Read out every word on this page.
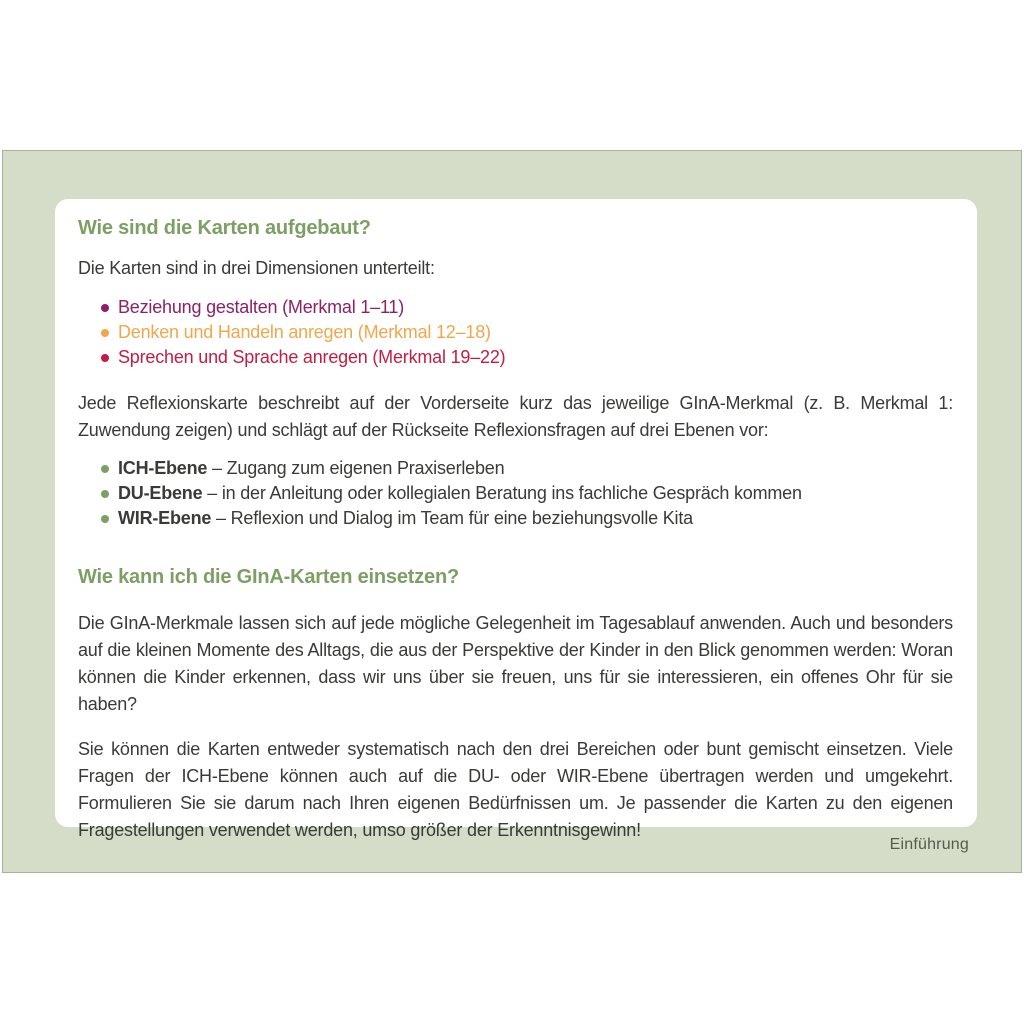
Wie sind die Karten aufgebaut?

Die Karten sind in drei Dimensionen unterteilt:

Beziehung gestalten (Merkmal 1–11)
Denken und Handeln anregen (Merkmal 12–18)
Sprechen und Sprache anregen (Merkmal 19–22)

Jede Reflexionskarte beschreibt auf der Vorderseite kurz das jeweilige GInA-Merkmal (z. B. Merkmal 1: Zuwendung zeigen) und schlägt auf der Rückseite Reflexionsfragen auf drei Ebenen vor:

ICH-Ebene – Zugang zum eigenen Praxiserleben
DU-Ebene – in der Anleitung oder kollegialen Beratung ins fachliche Gespräch kommen
WIR-Ebene – Reflexion und Dialog im Team für eine beziehungsvolle Kita
Wie kann ich die GInA-Karten einsetzen?

Die GInA-Merkmale lassen sich auf jede mögliche Gelegenheit im Tagesablauf anwenden. Auch und besonders auf die kleinen Momente des Alltags, die aus der Perspektive der Kinder in den Blick genommen werden: Woran können die Kinder erkennen, dass wir uns über sie freuen, uns für sie interessieren, ein offenes Ohr für sie haben?

Sie können die Karten entweder systematisch nach den drei Bereichen oder bunt gemischt einsetzen. Viele Fragen der ICH-Ebene können auch auf die DU- oder WIR-Ebene übertragen werden und umgekehrt. Formulieren Sie sie darum nach Ihren eigenen Bedürfnissen um. Je passender die Karten zu den eigenen Fragestellungen verwendet werden, umso größer der Erkenntnisgewinn!

Einführung
